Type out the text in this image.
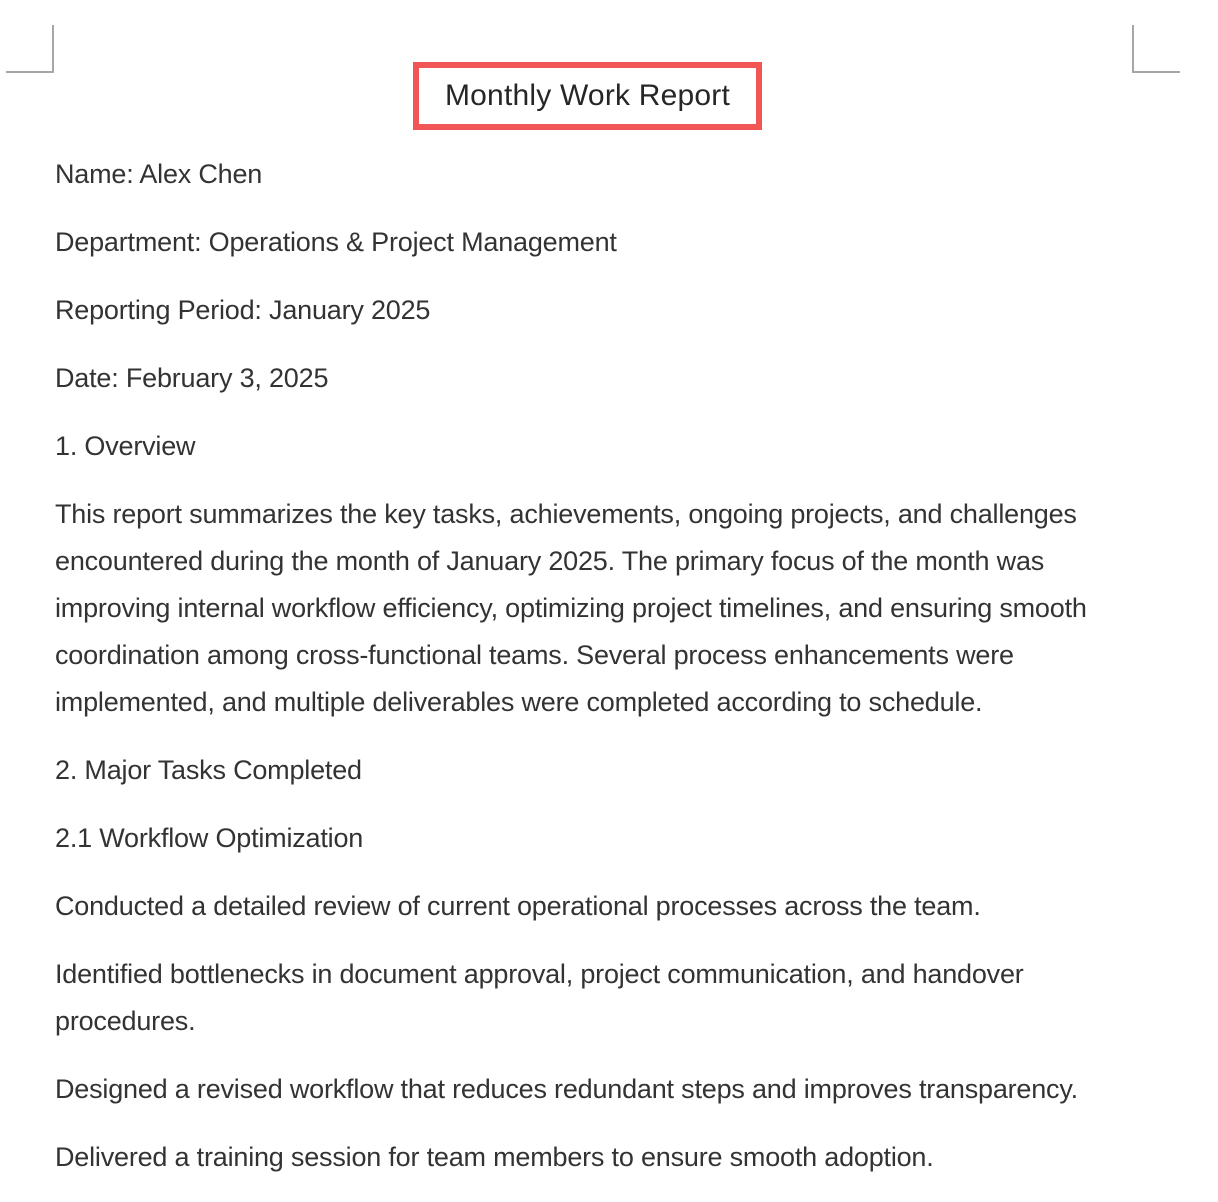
Monthly Work Report

Name: Alex Chen

Department: Operations & Project Management

Reporting Period: January 2025

Date: February 3, 2025

1. Overview

This report summarizes the key tasks, achievements, ongoing projects, and challenges encountered during the month of January 2025. The primary focus of the month was improving internal workflow efficiency, optimizing project timelines, and ensuring smooth coordination among cross-functional teams. Several process enhancements were implemented, and multiple deliverables were completed according to schedule.

2. Major Tasks Completed

2.1 Workflow Optimization

Conducted a detailed review of current operational processes across the team.

Identified bottlenecks in document approval, project communication, and handover procedures.

Designed a revised workflow that reduces redundant steps and improves transparency.

Delivered a training session for team members to ensure smooth adoption.
